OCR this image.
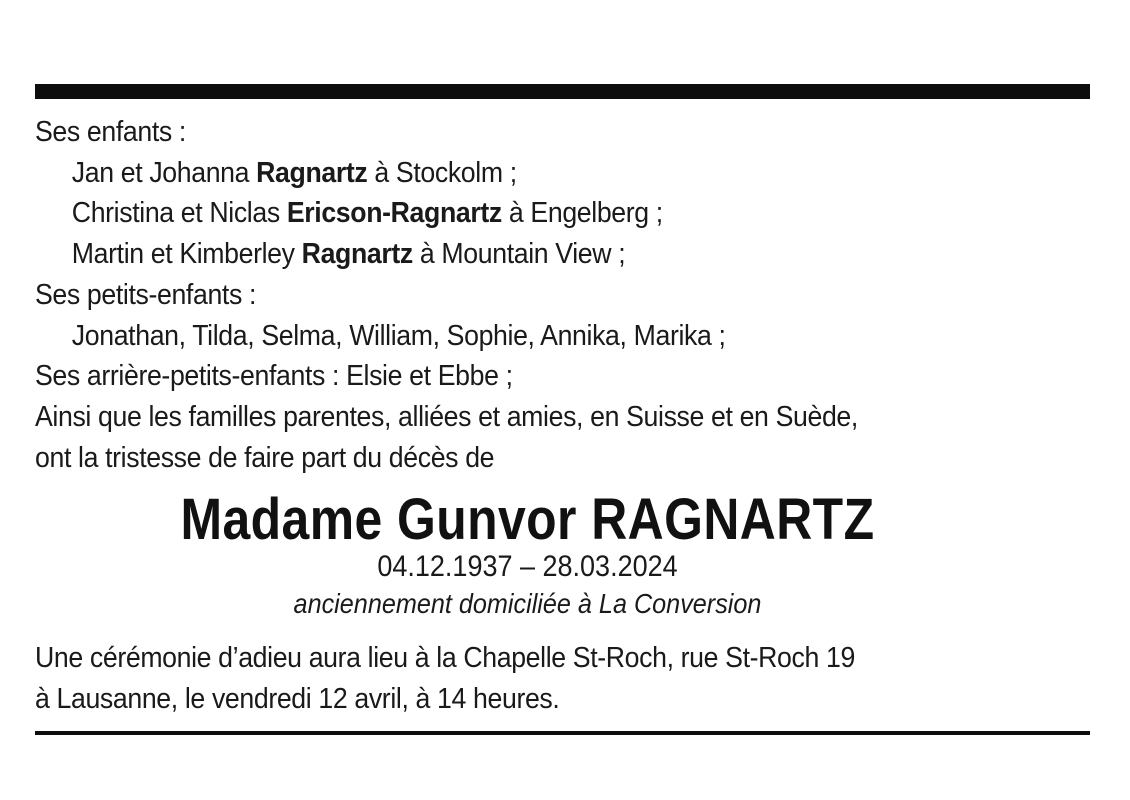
Ses enfants :
Jan et Johanna Ragnartz à Stockolm ;
Christina et Niclas Ericson-Ragnartz à Engelberg ;
Martin et Kimberley Ragnartz à Mountain View ;
Ses petits-enfants :
Jonathan, Tilda, Selma, William, Sophie, Annika, Marika ;
Ses arrière-petits-enfants : Elsie et Ebbe ;
Ainsi que les familles parentes, alliées et amies, en Suisse et en Suède,
ont la tristesse de faire part du décès de
Madame Gunvor RAGNARTZ
04.12.1937 – 28.03.2024
anciennement domiciliée à La Conversion
Une cérémonie d’adieu aura lieu à la Chapelle St-Roch, rue St-Roch 19
à Lausanne, le vendredi 12 avril, à 14 heures.
